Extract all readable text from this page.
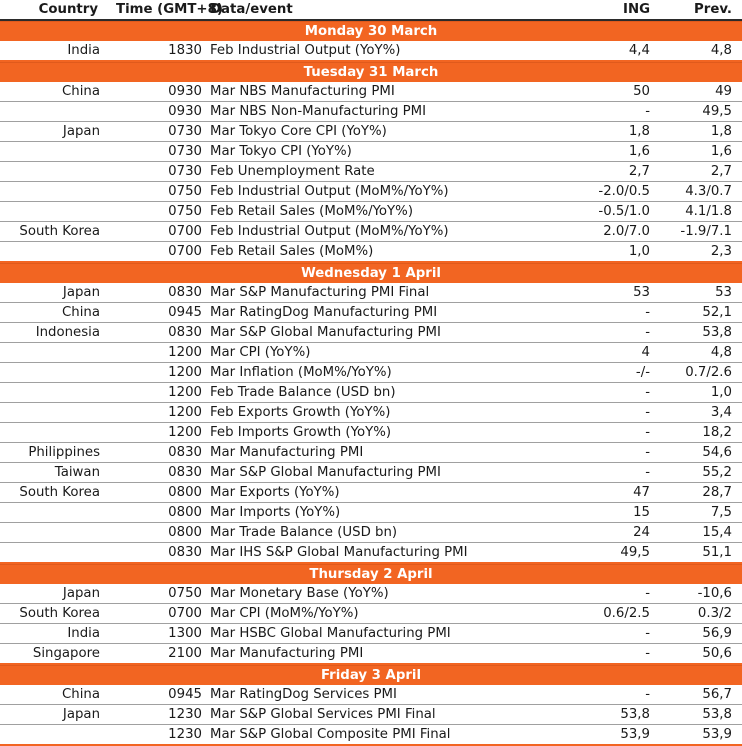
Country Time (GMT+8)
Data/event	ING	Prev.
Monday 30 March
India	1830 Feb Industrial Output (YoY%)	4,4	4,8
Tuesday 31 March
China	0930 Mar NBS Manufacturing PMI	50	49
0930 Mar NBS Non-Manufacturing PMI	-	49,5
Japan	0730 Mar Tokyo Core CPI (YoY%)	1,8	1,8
0730 Mar Tokyo CPI (YoY%)	1,6	1,6
0730 Feb Unemployment Rate	2,7	2,7
0750 Feb Industrial Output (MoM%/YoY%)	-2.0/0.5	4.3/0.7
0750 Feb Retail Sales (MoM%/YoY%)	-0.5/1.0	4.1/1.8
South Korea	0700 Feb Industrial Output (MoM%/YoY%)	2.0/7.0	-1.9/7.1
0700 Feb Retail Sales (MoM%)	1,0	2,3
Wednesday 1 April
Japan	0830 Mar S&P Manufacturing PMI Final	53	53
China	0945 Mar RatingDog Manufacturing PMI	-	52,1
Indonesia	0830 Mar S&P Global Manufacturing PMI	-	53,8
1200 Mar CPI (YoY%)	4	4,8
1200 Mar Inflation (MoM%/YoY%)	-/-	0.7/2.6
1200 Feb Trade Balance (USD bn)	-	1,0
1200 Feb Exports Growth (YoY%)	-	3,4
1200 Feb Imports Growth (YoY%)	-	18,2
Philippines	0830 Mar Manufacturing PMI	-	54,6
Taiwan	0830 Mar S&P Global Manufacturing PMI	-	55,2
South Korea	0800 Mar Exports (YoY%)	47	28,7
0800 Mar Imports (YoY%)	15	7,5
0800 Mar Trade Balance (USD bn)	24	15,4
0830 Mar IHS S&P Global Manufacturing PMI	49,5	51,1
Thursday 2 April
Japan	0750 Mar Monetary Base (YoY%)	-	-10,6
South Korea	0700 Mar CPI (MoM%/YoY%)	0.6/2.5	0.3/2
India	1300 Mar HSBC Global Manufacturing PMI	-	56,9
Singapore	2100 Mar Manufacturing PMI	-	50,6
Friday 3 April
China	0945 Mar RatingDog Services PMI	-	56,7
Japan	1230 Mar S&P Global Services PMI Final	53,8	53,8
1230 Mar S&P Global Composite PMI Final	53,9	53,9
